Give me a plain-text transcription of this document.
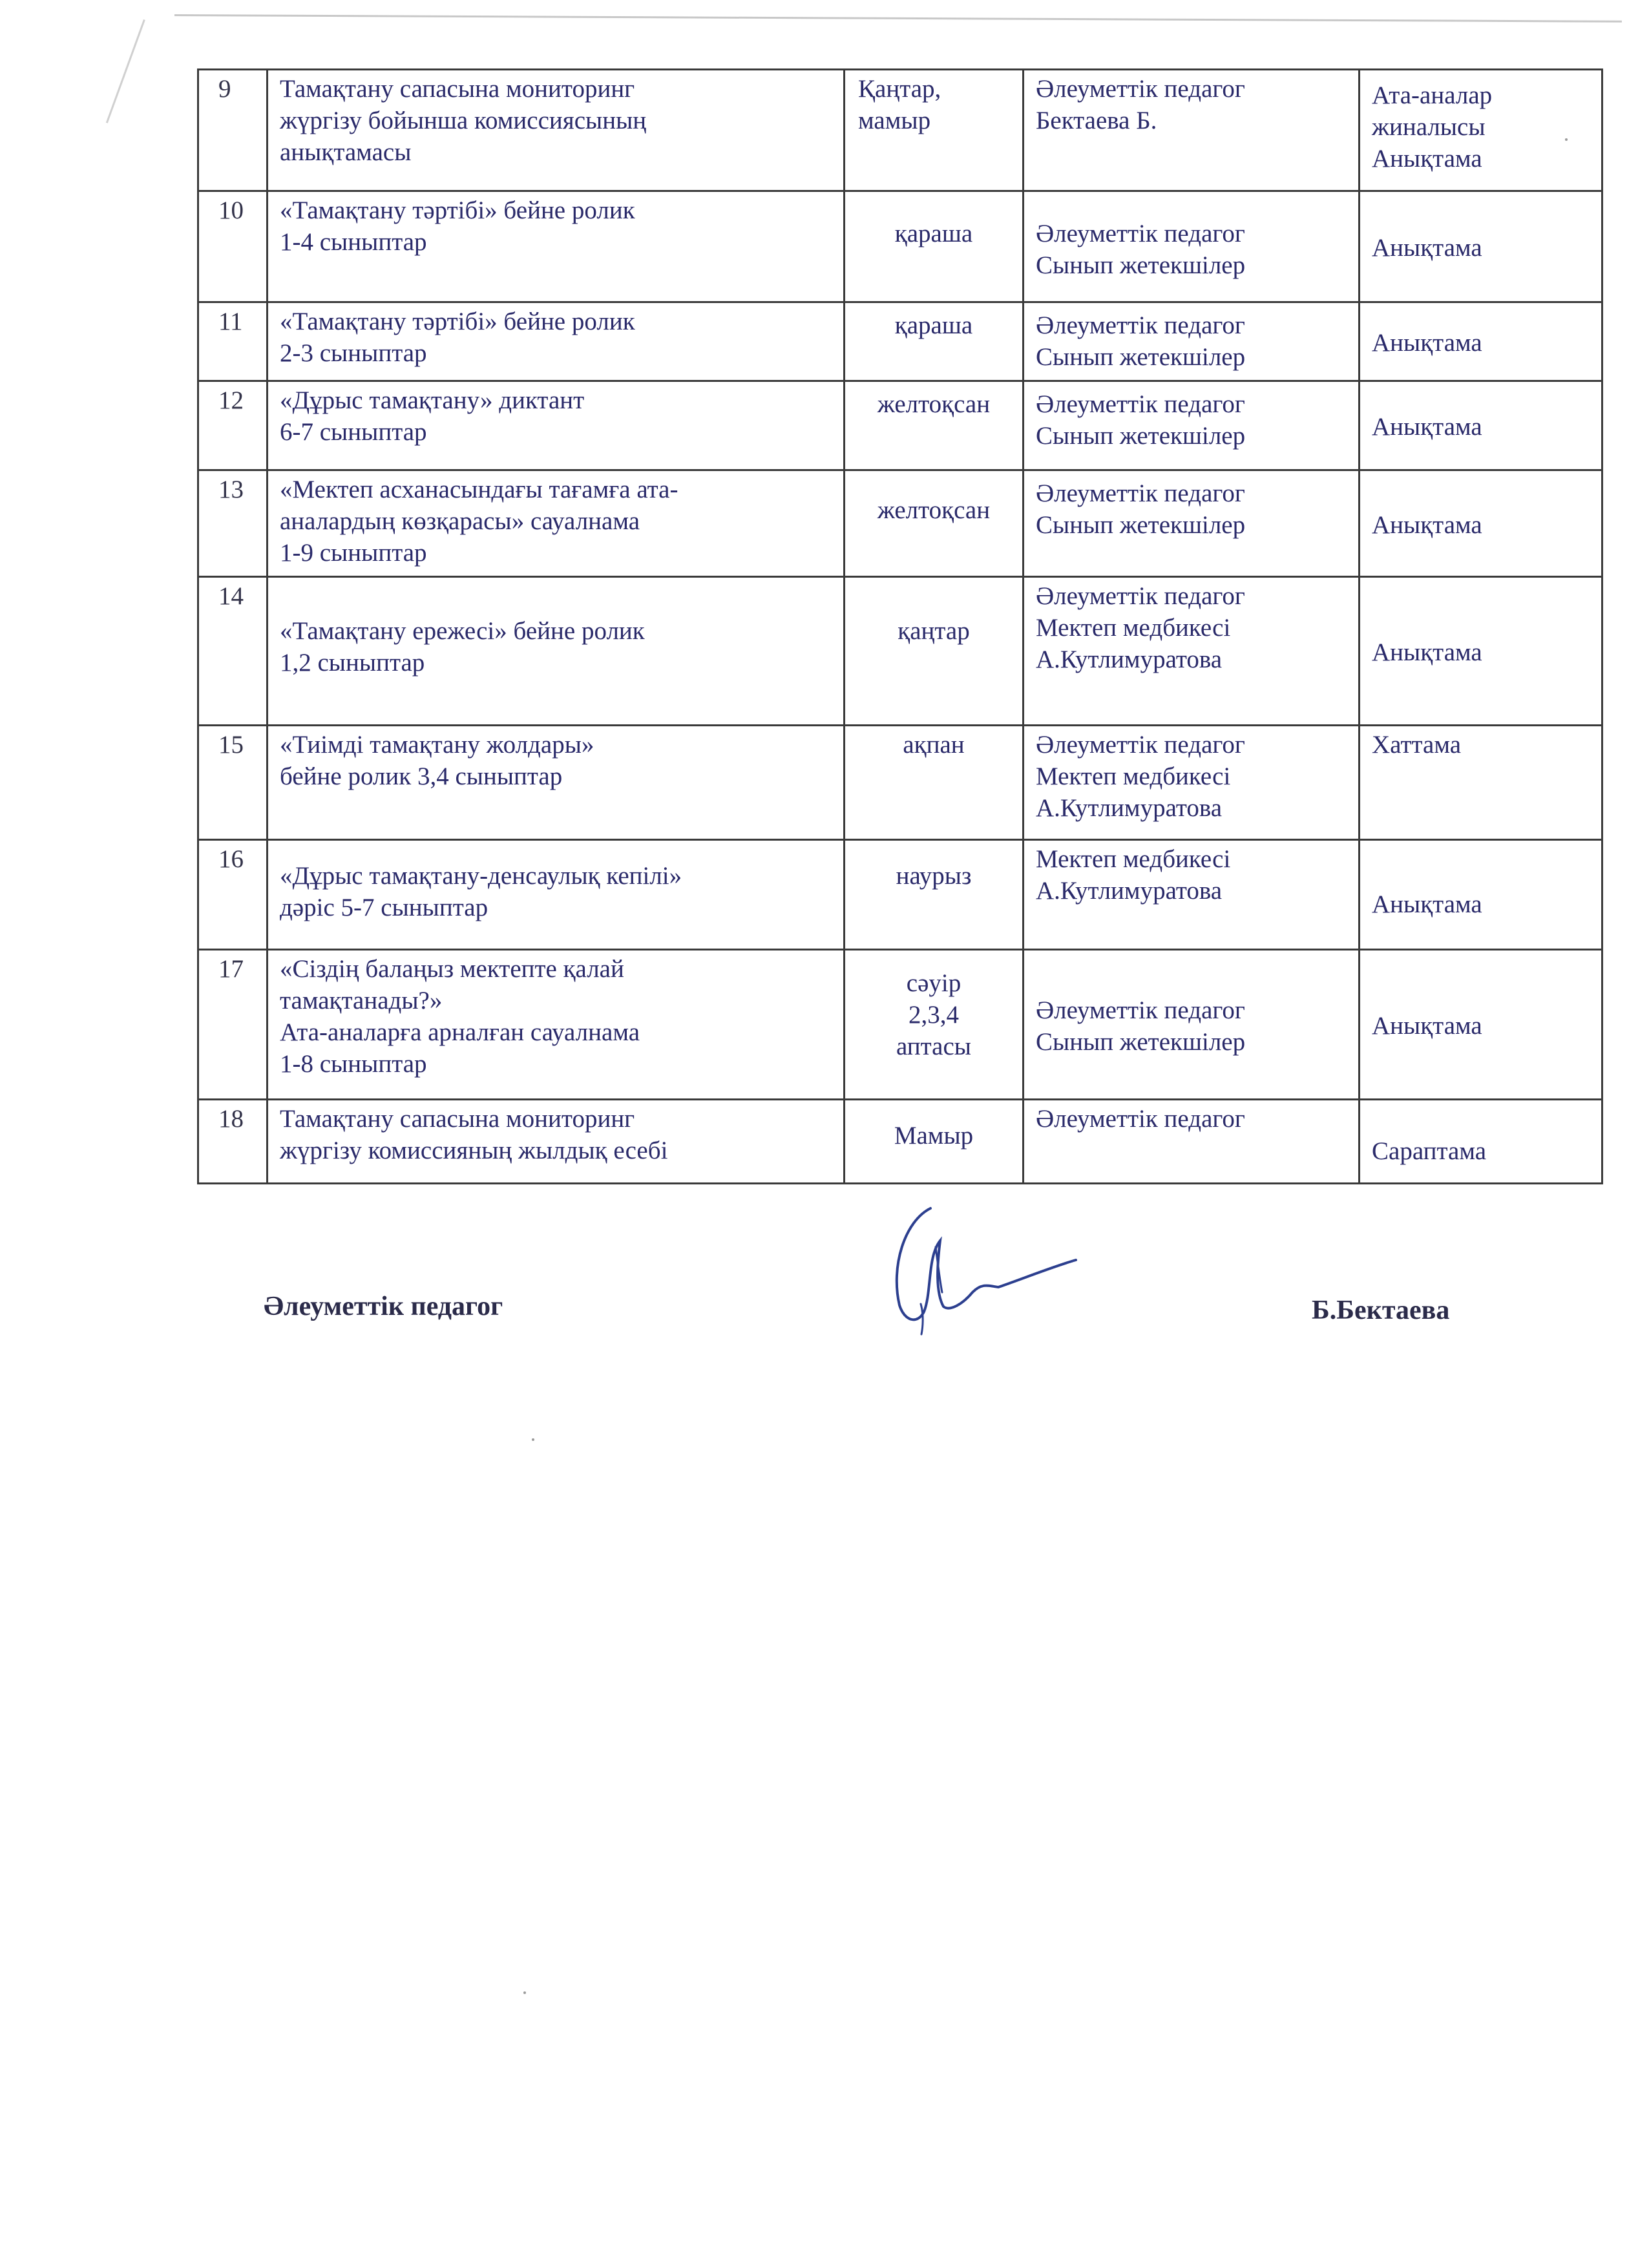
9	Тамақтану сапасына мониторинг
жүргізу бойынша комиссиясының
анықтамасы	Қаңтар,
мамыр	Әлеуметтік педагог
Бектаева Б.	Ата-аналар
жиналысы
Анықтама
10	«Тамақтану тәртібі» бейне ролик
1-4 сыныптар	қараша	Әлеуметтік педагог
Сынып жетекшілер	Анықтама
11	«Тамақтану тәртібі» бейне ролик
2-3 сыныптар	қараша	Әлеуметтік педагог
Сынып жетекшілер	Анықтама
12	«Дұрыс тамақтану» диктант
6-7 сыныптар	желтоқсан	Әлеуметтік педагог
Сынып жетекшілер	Анықтама
13	«Мектеп асханасындағы тағамға ата-
аналардың көзқарасы» сауалнама
1-9 сыныптар	желтоқсан	Әлеуметтік педагог
Сынып жетекшілер	Анықтама
14	«Тамақтану ережесі» бейне ролик
1,2 сыныптар	қаңтар	Әлеуметтік педагог
Мектеп медбикесі
А.Кутлимуратова	Анықтама
15	«Тиімді тамақтану жолдары»
бейне ролик 3,4 сыныптар	ақпан	Әлеуметтік педагог
Мектеп медбикесі
А.Кутлимуратова	Хаттама
16	«Дұрыс тамақтану-денсаулық кепілі»
дәріс 5-7 сыныптар	наурыз	Мектеп медбикесі
А.Кутлимуратова	Анықтама
17	«Сіздің балаңыз мектепте қалай
тамақтанады?»
Ата-аналарға арналған сауалнама
1-8 сыныптар	сәуір
2,3,4
аптасы	Әлеуметтік педагог
Сынып жетекшілер	Анықтама
18	Тамақтану сапасына мониторинг
жүргізу комиссияның жылдық есебі	Мамыр	Әлеуметтік педагог	Сараптама
Әлеуметтік педагог	Б.Бектаева
